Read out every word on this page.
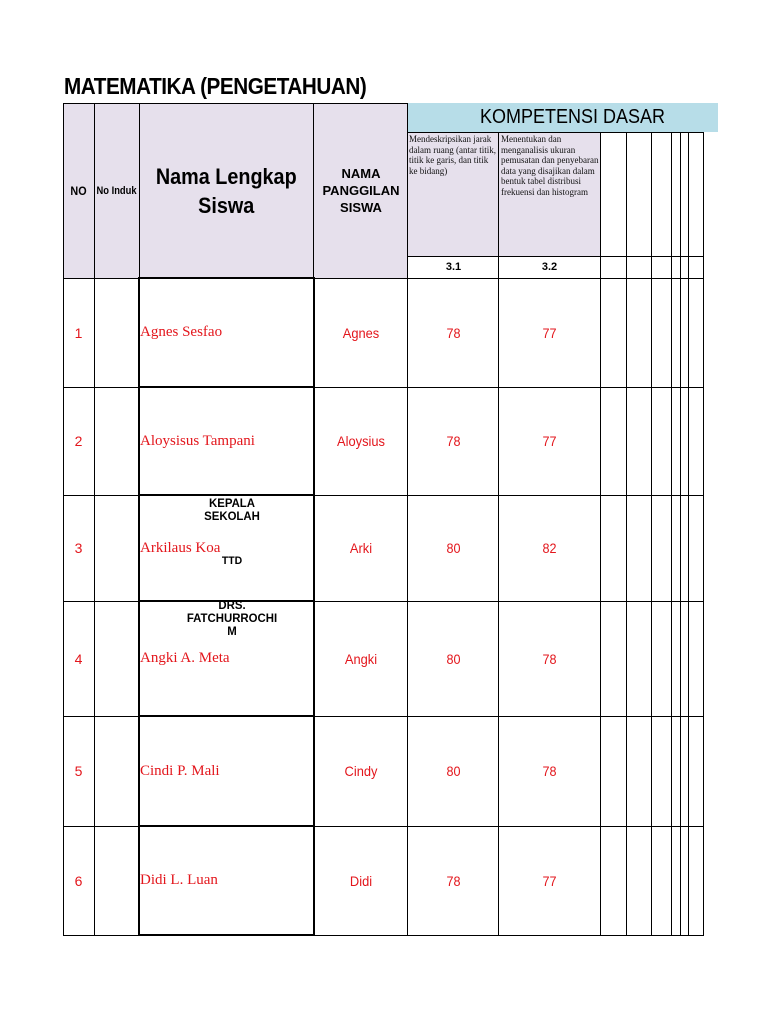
MATEMATIKA (PENGETAHUAN)
NO No Induk
Nama Lengkap
Siswa
NAMA
PANGGILAN
SISWA
KOMPETENSI DASAR
Mendeskripsikan jarak dalam ruang (antar titik, titik ke garis, dan titik ke bidang)
Menentukan dan menganalisis ukuran pemusatan dan penyebaran data yang disajikan dalam bentuk tabel distribusi frekuensi dan histogram
3.1	3.2
1	Agnes Sesfao	Agnes	78	77
2	Aloysisus Tampani	Aloysius	78	77
3	Arkilaus Koa	Arki	80	82
4	Angki A. Meta	Angki	80	78
5	Cindi P. Mali	Cindy	80	78
6	Didi L. Luan	Didi	78	77
KEPALA
SEKOLAH
TTD
DRS.
FATCHURROCHI
M
